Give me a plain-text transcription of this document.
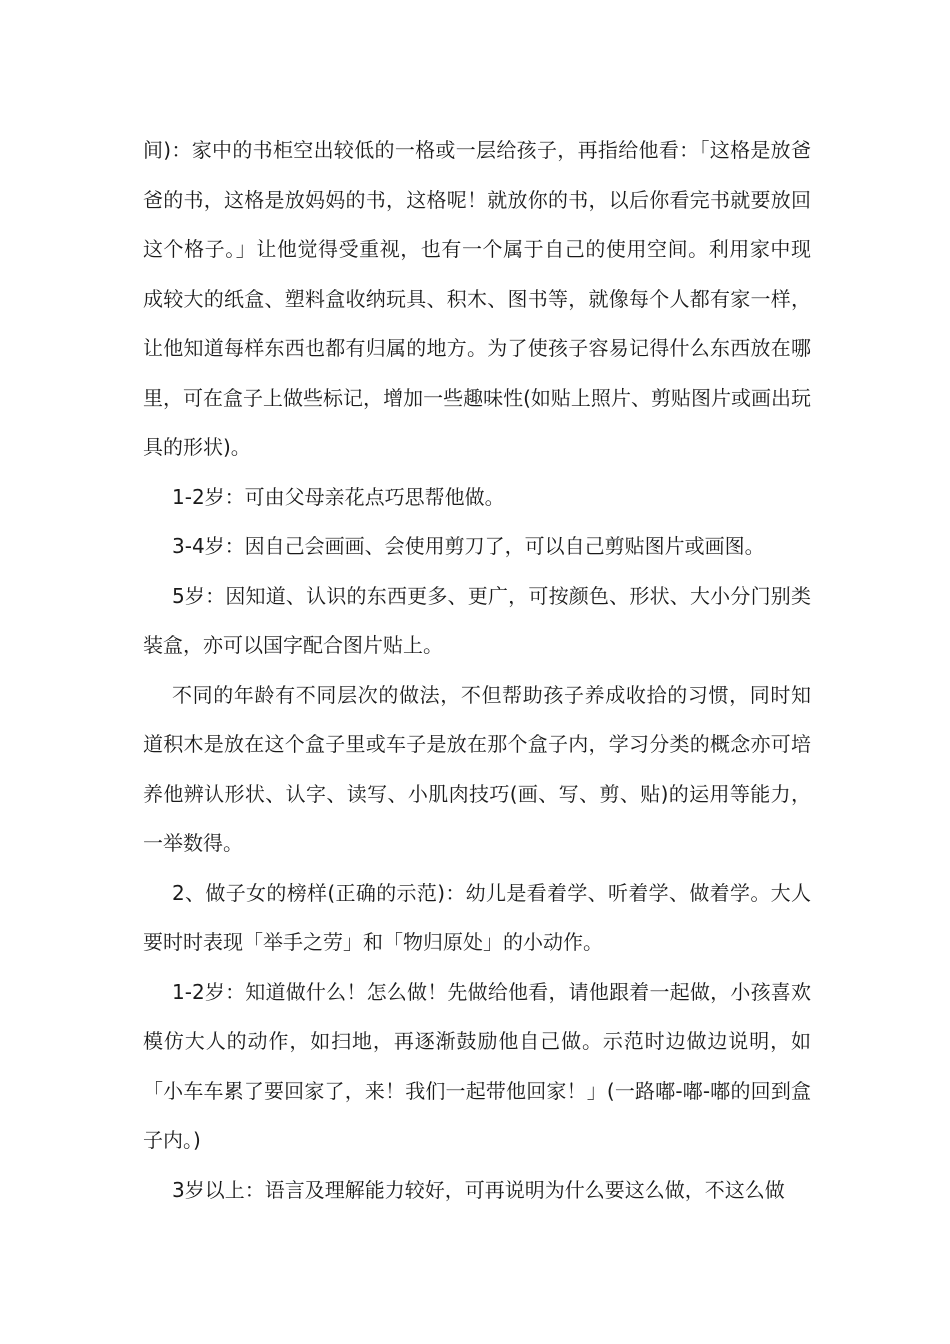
间)：家中的书柜空出较低的一格或一层给孩子，再指给他看：「这格是放爸爸的书，这格是放妈妈的书，这格呢！就放你的书，以后你看完书就要放回这个格子。」让他觉得受重视，也有一个属于自己的使用空间。利用家中现成较大的纸盒、塑料盒收纳玩具、积木、图书等，就像每个人都有家一样，让他知道每样东西也都有归属的地方。为了使孩子容易记得什么东西放在哪里，可在盒子上做些标记，增加一些趣味性(如贴上照片、剪贴图片或画出玩具的形状)。

1-2岁：可由父母亲花点巧思帮他做。

3-4岁：因自己会画画、会使用剪刀了，可以自己剪贴图片或画图。

5岁：因知道、认识的东西更多、更广，可按颜色、形状、大小分门别类装盒，亦可以国字配合图片贴上。

不同的年龄有不同层次的做法，不但帮助孩子养成收拾的习惯，同时知道积木是放在这个盒子里或车子是放在那个盒子内，学习分类的概念亦可培养他辨认形状、认字、读写、小肌肉技巧(画、写、剪、贴)的运用等能力，一举数得。

2、做子女的榜样(正确的示范)：幼儿是看着学、听着学、做着学。大人要时时表现「举手之劳」和「物归原处」的小动作。

1-2岁：知道做什么！怎么做！先做给他看，请他跟着一起做，小孩喜欢模仿大人的动作，如扫地，再逐渐鼓励他自己做。示范时边做边说明，如「小车车累了要回家了，来！我们一起带他回家！」(一路嘟-嘟-嘟的回到盒子内。)

3岁以上：语言及理解能力较好，可再说明为什么要这么做，不这么做
